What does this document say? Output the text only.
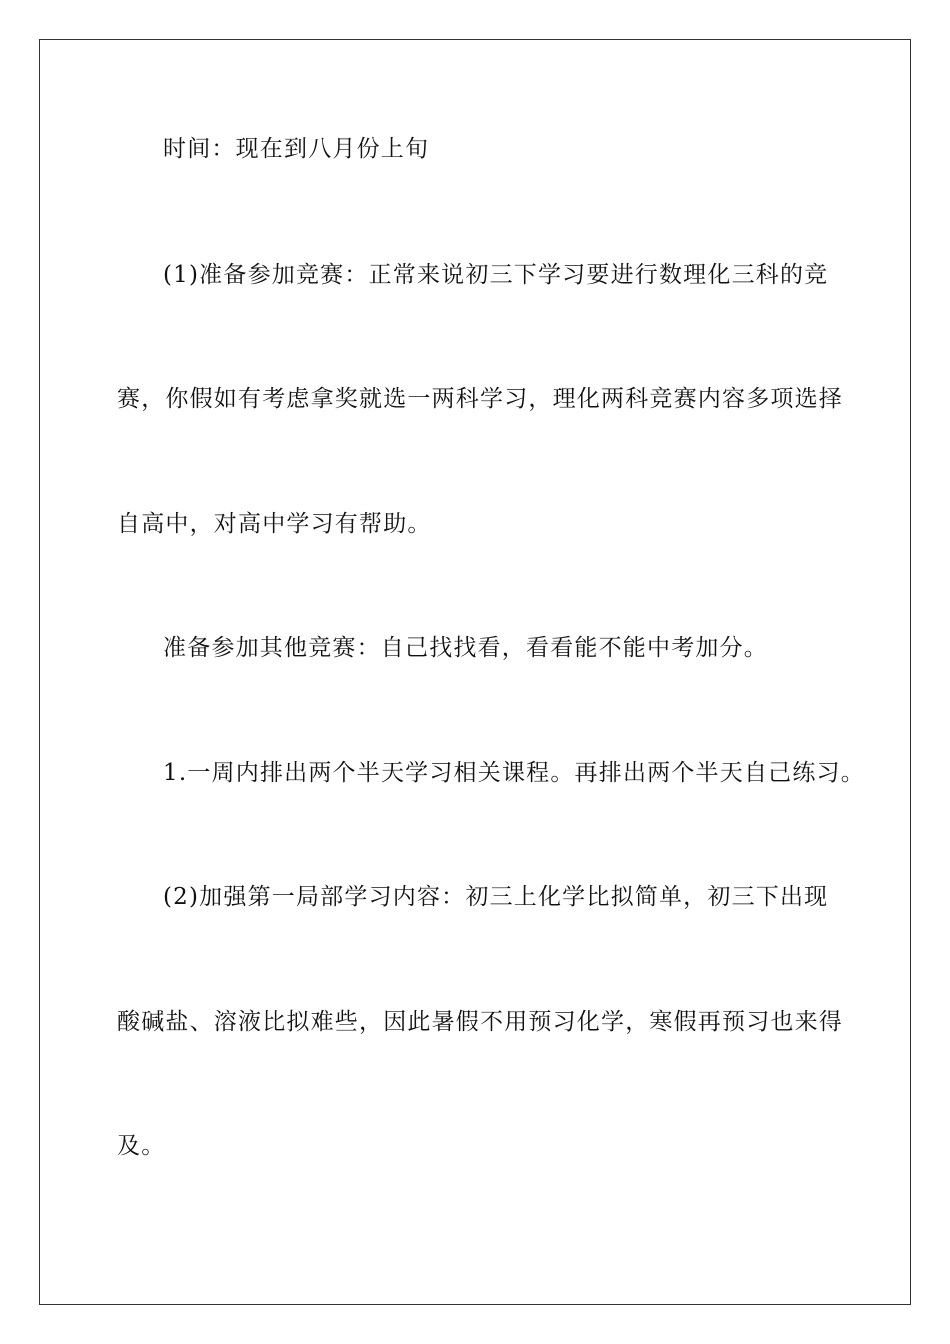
时间：现在到八月份上旬
(1)准备参加竞赛：正常来说初三下学习要进行数理化三科的竞
赛，你假如有考虑拿奖就选一两科学习，理化两科竞赛内容多项选择
自高中，对高中学习有帮助。
准备参加其他竞赛：自己找找看，看看能不能中考加分。
1.一周内排出两个半天学习相关课程。再排出两个半天自己练习。
(2)加强第一局部学习内容：初三上化学比拟简单，初三下出现
酸碱盐、溶液比拟难些，因此暑假不用预习化学，寒假再预习也来得
及。
